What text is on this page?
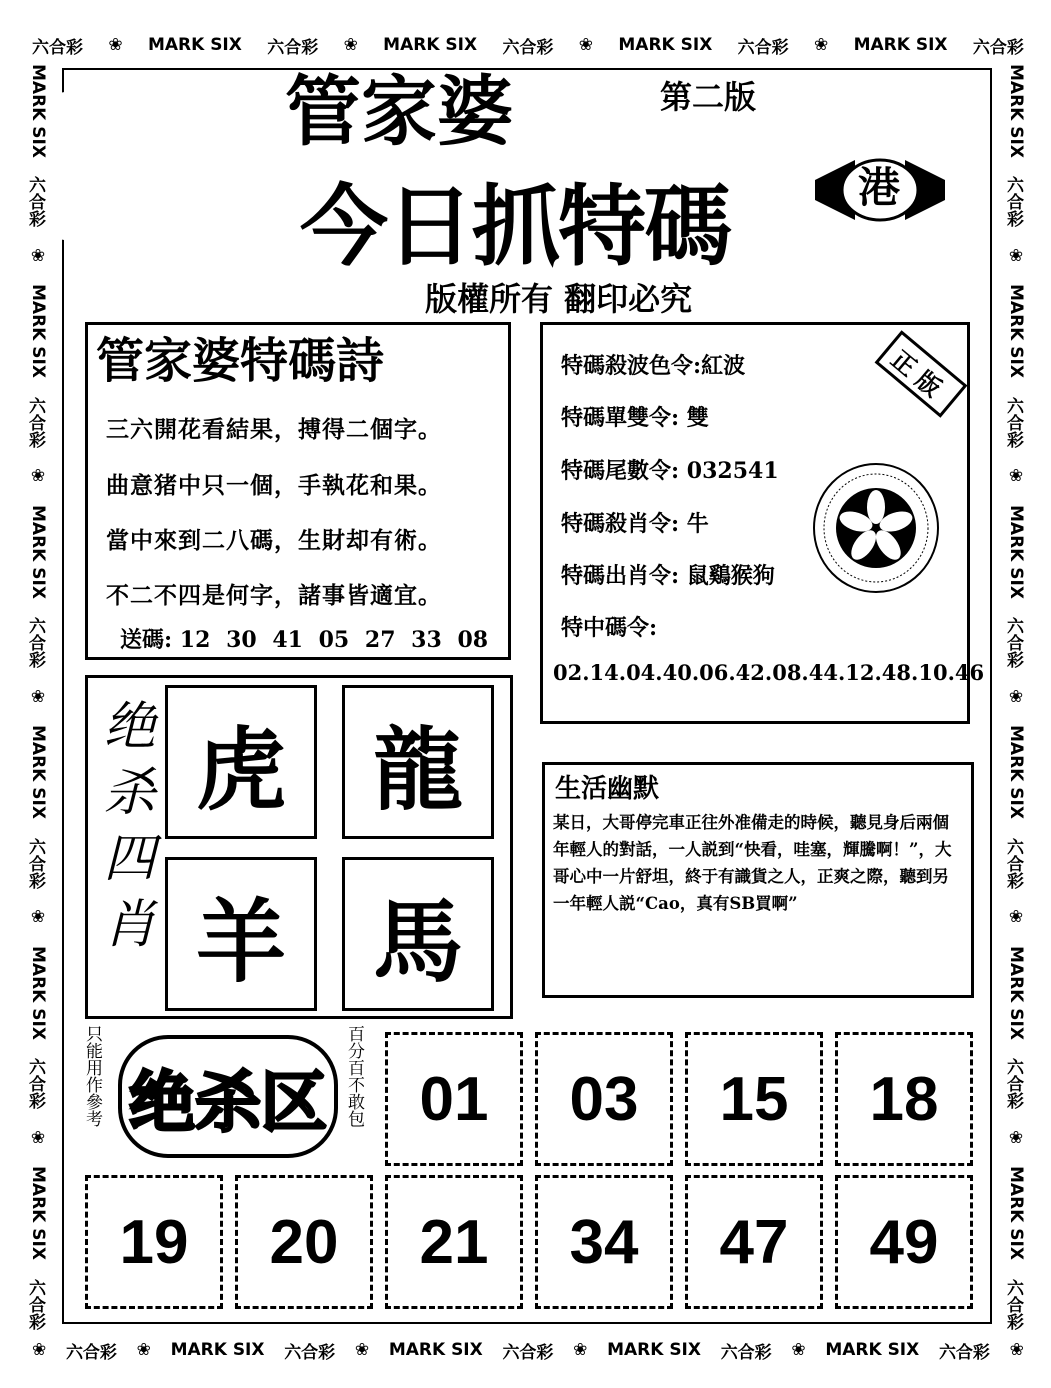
六合彩 ❀ MARK SIX 六合彩 ❀ MARK SIX 六合彩 ❀ MARK SIX 六合彩 ❀ MARK SIX 六合彩
❀ 六合彩 ❀ MARK SIX 六合彩 ❀ MARK SIX 六合彩 ❀ MARK SIX 六合彩 ❀ MARK SIX 六合彩 ❀
MARK SIX
六合彩
❀
MARK SIX
六合彩
❀
MARK SIX
六合彩
❀
MARK SIX
六合彩
❀
MARK SIX
六合彩
❀
MARK SIX
六合彩
MARK SIX
六合彩
❀
MARK SIX
六合彩
❀
MARK SIX
六合彩
❀
MARK SIX
六合彩
❀
MARK SIX
六合彩
❀
MARK SIX
六合彩
管家婆	第二版
今日抓特碼
版權所有 翻印必究
港
管家婆特碼詩
三六開花看結果，搏得二個字。
曲意猪中只一個，手執花和果。
當中來到二八碼，生財却有術。
不二不四是何字，諸事皆適宜。
送碼: 12 30 41 05 27 33 08
特碼殺波色令:紅波
特碼單雙令: 雙
特碼尾數令: 032541
特碼殺肖令: 牛
特碼出肖令: 鼠鷄猴狗
特中碼令:
02.14.04.40.06.42.08.44.12.48.10.46
正版
绝杀四肖 虎 龍
羊 馬
生活幽默
某日，大哥停完車正往外准備走的時候，聽見身后兩個年輕人的對話，一人説到“快看，哇塞，輝騰啊！”，大哥心中一片舒坦，終于有識貨之人，正爽之際，聽到另一年輕人説“Cao，真有SB買啊”
只能用作參考 绝杀区	百分百不敢包 01	03	15	18
19	20	21	34	47	49
